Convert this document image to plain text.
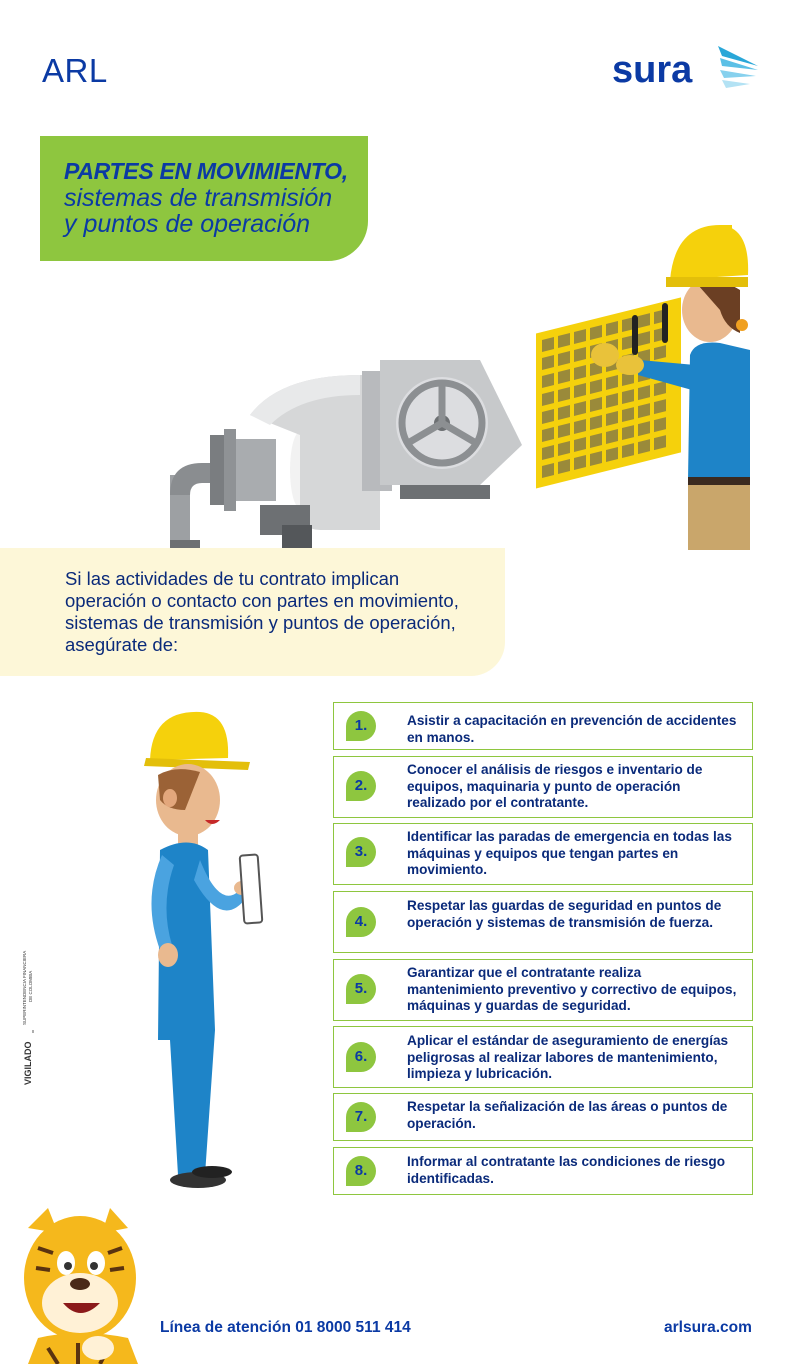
ARL	sura
PARTES EN MOVIMIENTO,
sistemas de transmisión
y puntos de operación
Si las actividades de tu contrato implican operación o contacto con partes en movimiento, sistemas de transmisión y puntos de operación, asegúrate de:
1.	Asistir a capacitación en prevención de accidentes en manos.
2.
Conocer el análisis de riesgos e inventario de equipos, maquinaria y punto de operación realizado por el contratante.
3.
Identificar las paradas de emergencia en todas las máquinas y equipos que tengan partes en movimiento.
4.
Respetar las guardas de seguridad en puntos de operación y sistemas de transmisión de fuerza.
5.
Garantizar que el contratante realiza mantenimiento preventivo y correctivo de equipos, máquinas y guardas de seguridad.
6.
Aplicar el estándar de aseguramiento de energías peligrosas al realizar labores de mantenimiento, limpieza y lubricación.
7.
Respetar la señalización de las áreas o puntos de operación.
8.
Informar al contratante las condiciones de riesgo identificadas.
VIGILADO
SUPERINTENDENCIA FINANCIERA DE COLOMBIA
Línea de atención 01 8000 511 414	arlsura.com
